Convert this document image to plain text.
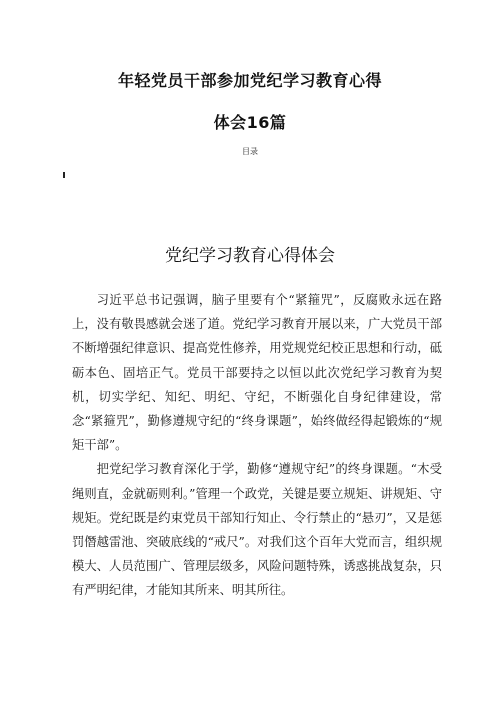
年轻党员干部参加党纪学习教育心得
体会16篇
目录
党纪学习教育心得体会

习近平总书记强调，脑子里要有个“紧箍咒”，反腐败永远在路上，没有敬畏感就会迷了道。党纪学习教育开展以来，广大党员干部不断增强纪律意识、提高党性修养，用党规党纪校正思想和行动，砥砺本色、固培正气。党员干部要持之以恒以此次党纪学习教育为契机，切实学纪、知纪、明纪、守纪，不断强化自身纪律建设，常念“紧箍咒”，勤修遵规守纪的“终身课题”，始终做经得起锻炼的“规矩干部”。

把党纪学习教育深化于学，勤修“遵规守纪”的终身课题。“木受绳则直，金就砺则利。”管理一个政党，关键是要立规矩、讲规矩、守规矩。党纪既是约束党员干部知行知止、令行禁止的“悬刃”，又是惩罚僭越雷池、突破底线的“戒尺”。对我们这个百年大党而言，组织规模大、人员范围广、管理层级多，风险问题特殊，诱惑挑战复杂，只有严明纪律，才能知其所来、明其所往。
